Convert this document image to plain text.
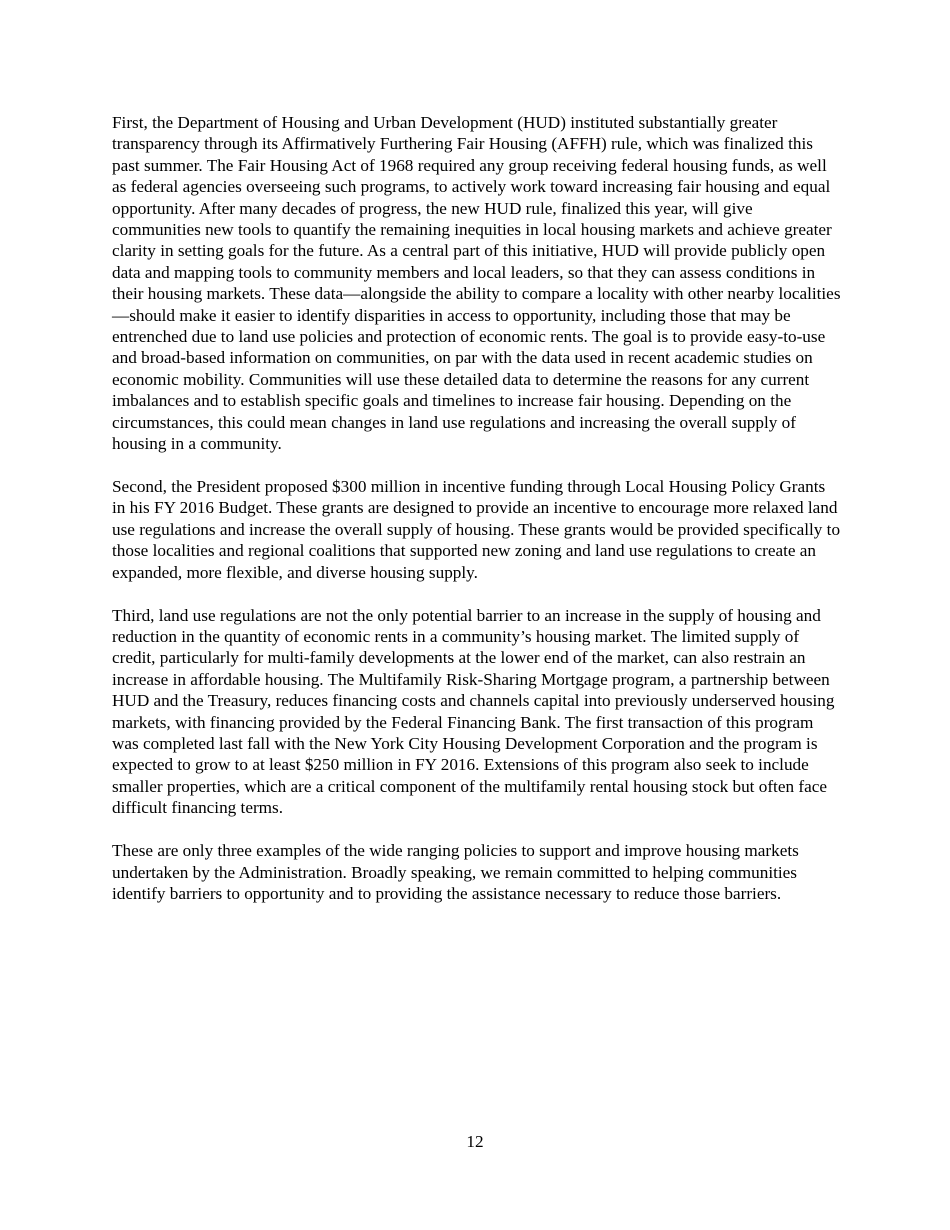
First, the Department of Housing and Urban Development (HUD) instituted substantially greater transparency through its Affirmatively Furthering Fair Housing (AFFH) rule, which was finalized this past summer. The Fair Housing Act of 1968 required any group receiving federal housing funds, as well as federal agencies overseeing such programs, to actively work toward increasing fair housing and equal opportunity. After many decades of progress, the new HUD rule, finalized this year, will give communities new tools to quantify the remaining inequities in local housing markets and achieve greater clarity in setting goals for the future. As a central part of this initiative, HUD will provide publicly open data and mapping tools to community members and local leaders, so that they can assess conditions in their housing markets. These data—alongside the ability to compare a locality with other nearby localities—should make it easier to identify disparities in access to opportunity, including those that may be entrenched due to land use policies and protection of economic rents. The goal is to provide easy-to-use and broad-based information on communities, on par with the data used in recent academic studies on economic mobility. Communities will use these detailed data to determine the reasons for any current imbalances and to establish specific goals and timelines to increase fair housing. Depending on the circumstances, this could mean changes in land use regulations and increasing the overall supply of housing in a community.

Second, the President proposed $300 million in incentive funding through Local Housing Policy Grants in his FY 2016 Budget. These grants are designed to provide an incentive to encourage more relaxed land use regulations and increase the overall supply of housing. These grants would be provided specifically to those localities and regional coalitions that supported new zoning and land use regulations to create an expanded, more flexible, and diverse housing supply.

Third, land use regulations are not the only potential barrier to an increase in the supply of housing and reduction in the quantity of economic rents in a community’s housing market. The limited supply of credit, particularly for multi-family developments at the lower end of the market, can also restrain an increase in affordable housing. The Multifamily Risk-Sharing Mortgage program, a partnership between HUD and the Treasury, reduces financing costs and channels capital into previously underserved housing markets, with financing provided by the Federal Financing Bank. The first transaction of this program was completed last fall with the New York City Housing Development Corporation and the program is expected to grow to at least $250 million in FY 2016. Extensions of this program also seek to include smaller properties, which are a critical component of the multifamily rental housing stock but often face difficult financing terms.

These are only three examples of the wide ranging policies to support and improve housing markets undertaken by the Administration. Broadly speaking, we remain committed to helping communities identify barriers to opportunity and to providing the assistance necessary to reduce those barriers.

12
